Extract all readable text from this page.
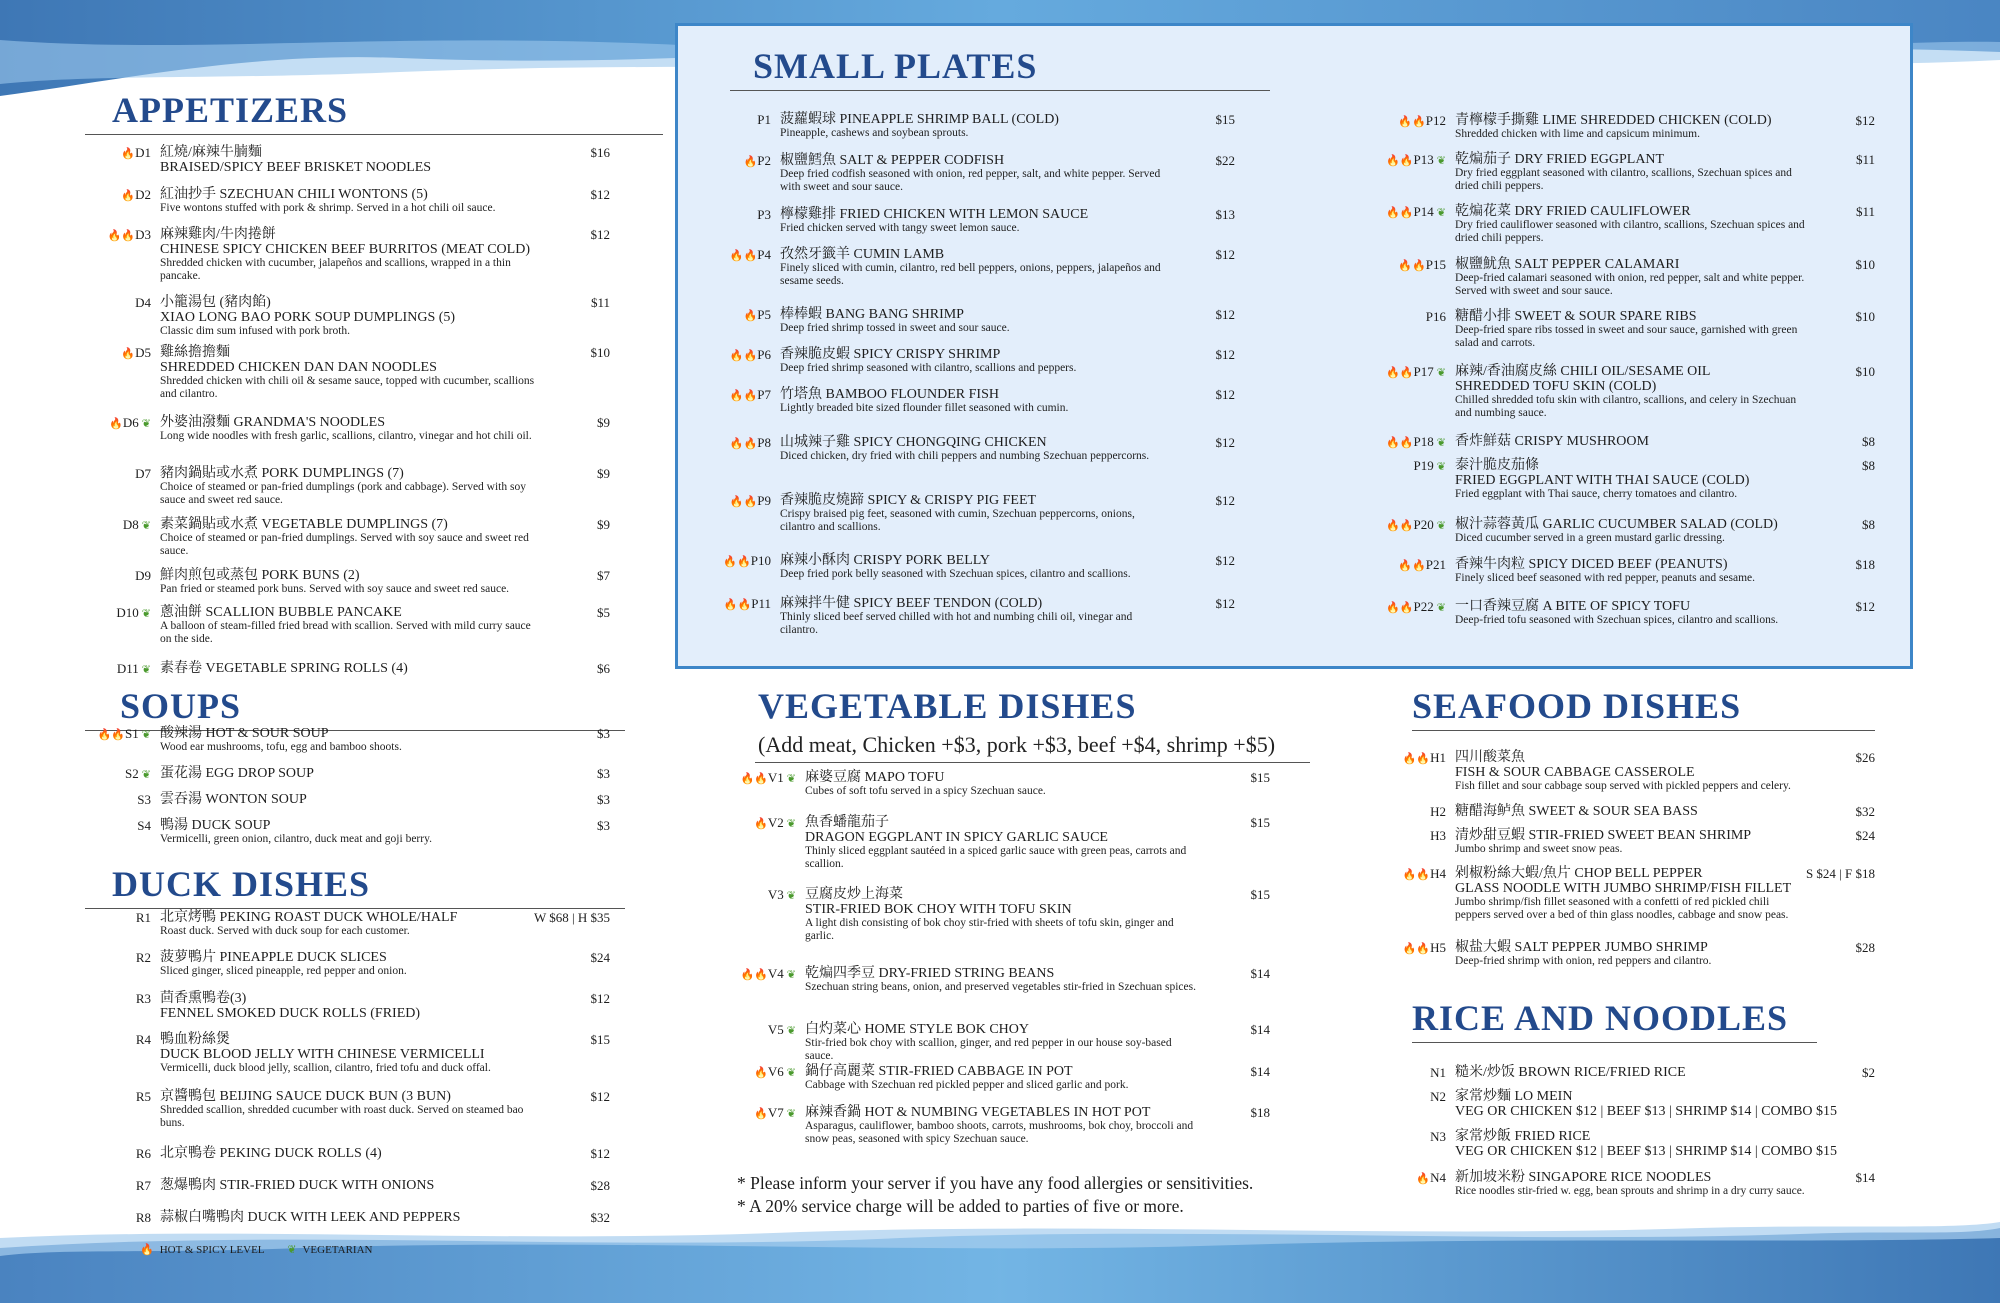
APPETIZERS
🔥D1 紅燒/麻辣牛腩麵
BRAISED/SPICY BEEF BRISKET NOODLES
$16
🔥D2 紅油抄手 SZECHUAN CHILI WONTONS (5)
Five wontons stuffed with pork & shrimp. Served in a hot chili oil sauce.
$12
🔥🔥D3 麻辣雞肉/牛肉捲餅
CHINESE SPICY CHICKEN BEEF BURRITOS (MEAT COLD)
Shredded chicken with cucumber, jalapeños and scallions, wrapped in a thin pancake.
$12
D4 小籠湯包 (豬肉餡)
XIAO LONG BAO PORK SOUP DUMPLINGS (5)
Classic dim sum infused with pork broth.
$11
🔥D5 雞絲擔擔麵
SHREDDED CHICKEN DAN DAN NOODLES
Shredded chicken with chili oil & sesame sauce, topped with cucumber, scallions and cilantro.
$10
🔥D6 ❦ 外婆油潑麵 GRANDMA'S NOODLES
Long wide noodles with fresh garlic, scallions, cilantro, vinegar and hot chili oil.
$9
D7 豬肉鍋貼或水煮 PORK DUMPLINGS (7)
Choice of steamed or pan-fried dumplings (pork and cabbage). Served with soy sauce and sweet red sauce.
$9
D8 ❦ 素菜鍋貼或水煮 VEGETABLE DUMPLINGS (7)
Choice of steamed or pan-fried dumplings. Served with soy sauce and sweet red sauce.
$9
D9 鮮肉煎包或蒸包 PORK BUNS (2)
Pan fried or steamed pork buns. Served with soy sauce and sweet red sauce.
$7
D10 ❦ 蔥油餅 SCALLION BUBBLE PANCAKE
A balloon of steam-filled fried bread with scallion. Served with mild curry sauce on the side.
$5
D11 ❦ 素春卷 VEGETABLE SPRING ROLLS (4)	$6
SOUPS
🔥🔥S1 ❦ 酸辣湯 HOT & SOUR SOUP
Wood ear mushrooms, tofu, egg and bamboo shoots.
$3
S2 ❦ 蛋花湯 EGG DROP SOUP	$3
S3 雲吞湯 WONTON SOUP	$3
S4 鴨湯 DUCK SOUP
Vermicelli, green onion, cilantro, duck meat and goji berry.
$3
DUCK DISHES
R1 北京烤鴨 PEKING ROAST DUCK WHOLE/HALF
Roast duck. Served with duck soup for each customer.
W $68 | H $35
R2 菠萝鴨片 PINEAPPLE DUCK SLICES
Sliced ginger, sliced pineapple, red pepper and onion.
$24
R3 茴香熏鴨卷(3)
FENNEL SMOKED DUCK ROLLS (FRIED)
$12
R4 鴨血粉絲煲
DUCK BLOOD JELLY WITH CHINESE VERMICELLI
Vermicelli, duck blood jelly, scallion, cilantro, fried tofu and duck offal.
$15
R5 京醬鴨包 BEIJING SAUCE DUCK BUN (3 BUN)
Shredded scallion, shredded cucumber with roast duck. Served on steamed bao buns.
$12
R6 北京鴨卷 PEKING DUCK ROLLS (4)	$12
R7 葱爆鴨肉 STIR-FRIED DUCK WITH ONIONS	$28
R8 蒜椒白嘴鴨肉 DUCK WITH LEEK AND PEPPERS	$32
🔥 HOT & SPICY LEVEL ❦ VEGETARIAN
SMALL PLATES
P1 菠蘿蝦球 PINEAPPLE SHRIMP BALL (COLD)
Pineapple, cashews and soybean sprouts.
$15
🔥P2 椒鹽鱈魚 SALT & PEPPER CODFISH
Deep fried codfish seasoned with onion, red pepper, salt, and white pepper. Served with sweet and sour sauce.
$22
P3 檸檬雞排 FRIED CHICKEN WITH LEMON SAUCE
Fried chicken served with tangy sweet lemon sauce.
$13
🔥🔥P4 孜然牙籤羊 CUMIN LAMB
Finely sliced with cumin, cilantro, red bell peppers, onions, peppers, jalapeños and sesame seeds.
$12
🔥P5 棒棒蝦 BANG BANG SHRIMP
Deep fried shrimp tossed in sweet and sour sauce.
$12
🔥🔥P6 香辣脆皮蝦 SPICY CRISPY SHRIMP
Deep fried shrimp seasoned with cilantro, scallions and peppers.
$12
🔥🔥P7 竹塔魚 BAMBOO FLOUNDER FISH
Lightly breaded bite sized flounder fillet seasoned with cumin.
$12
🔥🔥P8 山城辣子雞 SPICY CHONGQING CHICKEN
Diced chicken, dry fried with chili peppers and numbing Szechuan peppercorns.
$12
🔥🔥P9 香辣脆皮燒蹄 SPICY & CRISPY PIG FEET
Crispy braised pig feet, seasoned with cumin, Szechuan peppercorns, onions, cilantro and scallions.
$12
🔥🔥P10 麻辣小酥肉 CRISPY PORK BELLY
Deep fried pork belly seasoned with Szechuan spices, cilantro and scallions.
$12
🔥🔥P11 麻辣拌牛健 SPICY BEEF TENDON (COLD)
Thinly sliced beef served chilled with hot and numbing chili oil, vinegar and cilantro.
$12
🔥🔥P12 青檸檬手撕雞 LIME SHREDDED CHICKEN (COLD)
Shredded chicken with lime and capsicum minimum.
$12
🔥🔥P13 ❦ 乾煸茄子 DRY FRIED EGGPLANT
Dry fried eggplant seasoned with cilantro, scallions, Szechuan spices and dried chili peppers.
$11
🔥🔥P14 ❦ 乾煸花菜 DRY FRIED CAULIFLOWER
Dry fried cauliflower seasoned with cilantro, scallions, Szechuan spices and dried chili peppers.
$11
🔥🔥P15 椒鹽魷魚 SALT PEPPER CALAMARI
Deep-fried calamari seasoned with onion, red pepper, salt and white pepper. Served with sweet and sour sauce.
$10
P16 糖醋小排 SWEET & SOUR SPARE RIBS
Deep-fried spare ribs tossed in sweet and sour sauce, garnished with green salad and carrots.
$10
🔥🔥P17 ❦ 麻辣/香油腐皮絲 CHILI OIL/SESAME OIL
SHREDDED TOFU SKIN (COLD)
Chilled shredded tofu skin with cilantro, scallions, and celery in Szechuan and numbing sauce.
$10
🔥🔥P18 ❦ 香炸鮮菇 CRISPY MUSHROOM	$8
P19 ❦ 泰汁脆皮茄條
FRIED EGGPLANT WITH THAI SAUCE (COLD)
Fried eggplant with Thai sauce, cherry tomatoes and cilantro.
$8
🔥🔥P20 ❦ 椒汁蒜蓉黃瓜 GARLIC CUCUMBER SALAD (COLD)
Diced cucumber served in a green mustard garlic dressing.
$8
🔥🔥P21 香辣牛肉粒 SPICY DICED BEEF (PEANUTS)
Finely sliced beef seasoned with red pepper, peanuts and sesame.
$18
🔥🔥P22 ❦ 一口香辣豆腐 A BITE OF SPICY TOFU
Deep-fried tofu seasoned with Szechuan spices, cilantro and scallions.
$12
VEGETABLE DISHES

(Add meat, Chicken +$3, pork +$3, beef +$4, shrimp +$5)

🔥🔥V1 ❦ 麻婆豆腐 MAPO TOFU
Cubes of soft tofu served in a spicy Szechuan sauce.
$15
🔥V2 ❦ 魚香蟠龍茄子
DRAGON EGGPLANT IN SPICY GARLIC SAUCE
Thinly sliced eggplant sautéed in a spiced garlic sauce with green peas, carrots and scallion.
$15
V3 ❦ 豆腐皮炒上海菜
STIR-FRIED BOK CHOY WITH TOFU SKIN
A light dish consisting of bok choy stir-fried with sheets of tofu skin, ginger and garlic.
$15
🔥🔥V4 ❦ 乾煸四季豆 DRY-FRIED STRING BEANS
Szechuan string beans, onion, and preserved vegetables stir-fried in Szechuan spices.
$14
V5 ❦ 白灼菜心 HOME STYLE BOK CHOY
Stir-fried bok choy with scallion, ginger, and red pepper in our house soy-based sauce.
$14
🔥V6 ❦ 鍋仔高麗菜 STIR-FRIED CABBAGE IN POT
Cabbage with Szechuan red pickled pepper and sliced garlic and pork.
$14
🔥V7 ❦ 麻辣香鍋 HOT & NUMBING VEGETABLES IN HOT POT
Asparagus, cauliflower, bamboo shoots, carrots, mushrooms, bok choy, broccoli and snow peas, seasoned with spicy Szechuan sauce.
$18
* Please inform your server if you have any food allergies or sensitivities.
* A 20% service charge will be added to parties of five or more.
SEAFOOD DISHES
🔥🔥H1 四川酸菜魚
FISH & SOUR CABBAGE CASSEROLE
Fish fillet and sour cabbage soup served with pickled peppers and celery.
$26
H2 糖醋海鲈魚 SWEET & SOUR SEA BASS	$32
H3 清炒甜豆蝦 STIR-FRIED SWEET BEAN SHRIMP
Jumbo shrimp and sweet snow peas.
$24
🔥🔥H4 剁椒粉絲大蝦/魚片 CHOP BELL PEPPER
GLASS NOODLE WITH JUMBO SHRIMP/FISH FILLET
Jumbo shrimp/fish fillet seasoned with a confetti of red pickled chili peppers served over a bed of thin glass noodles, cabbage and snow peas.
S $24 | F $18
🔥🔥H5 椒盐大蝦 SALT PEPPER JUMBO SHRIMP
Deep-fried shrimp with onion, red peppers and cilantro.
$28
RICE AND NOODLES
N1 糙米/炒饭 BROWN RICE/FRIED RICE	$2
N2 家常炒麵 LO MEIN
VEG OR CHICKEN $12 | BEEF $13 | SHRIMP $14 | COMBO $15
N3 家常炒飯 FRIED RICE
VEG OR CHICKEN $12 | BEEF $13 | SHRIMP $14 | COMBO $15
🔥N4 新加坡米粉 SINGAPORE RICE NOODLES
Rice noodles stir-fried w. egg, bean sprouts and shrimp in a dry curry sauce.
$14
